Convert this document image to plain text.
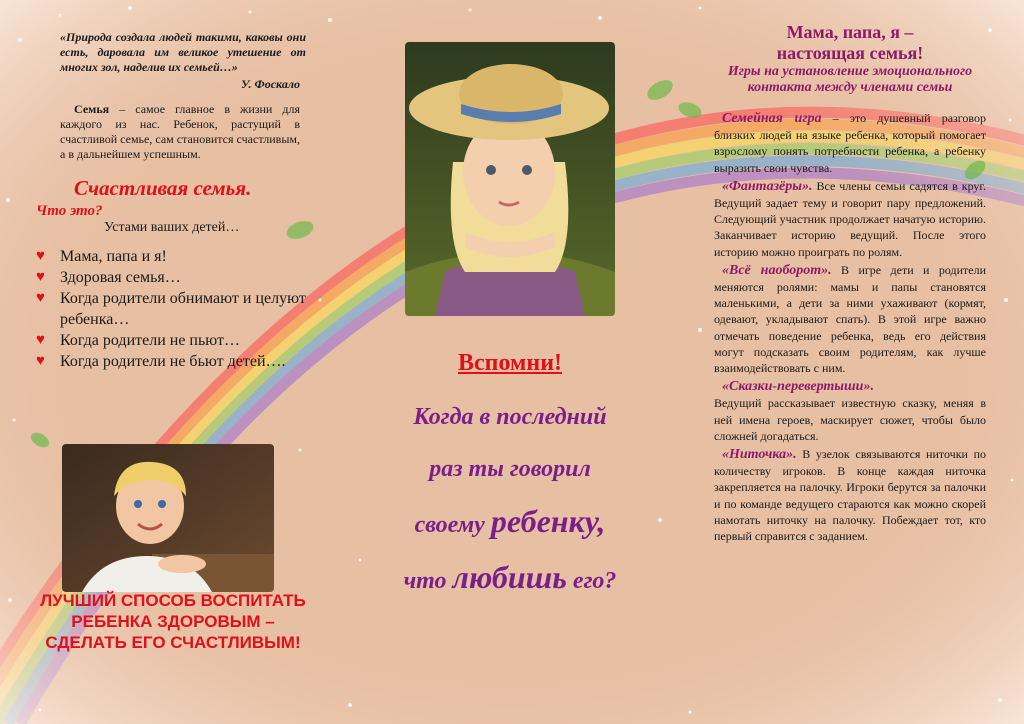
«Природа создала людей такими, каковы они есть, даровала им великое утешение от многих зол, наделив их семьей…»
У. Фоскало
Семья – самое главное в жизни для каждого из нас. Ребенок, растущий в счастливой семье, сам становится счастливым, а в дальнейшем успешным.
Счастливая семья.
Что это?
Устами ваших детей…
♥ Мама, папа и я!
♥ Здоровая семья…
♥ Когда родители обнимают и целуют ребенка…
♥ Когда родители не пьют…
♥ Когда родители не бьют детей….
ЛУЧШИЙ СПОСОБ ВОСПИТАТЬ РЕБЕНКА ЗДОРОВЫМ – СДЕЛАТЬ ЕГО СЧАСТЛИВЫМ!
Вспомни!
Когда в последний
раз ты говорил
своему ребенку,
что любишь его?
Мама, папа, я –
настоящая семья!
Игры на установление эмоционального контакта между членами семьи

Семейная игра – это душевный разговор близких людей на языке ребенка, который помогает взрослому понять потребности ребенка, а ребенку выразить свои чувства.

«Фантазёры». Все члены семьи садятся в круг. Ведущий задает тему и говорит пару предложений. Следующий участник продолжает начатую историю. Заканчивает историю ведущий. После этого историю можно проиграть по ролям.

«Всё наоборот». В игре дети и родители меняются ролями: мамы и папы становятся маленькими, а дети за ними ухаживают (кормят, одевают, укладывают спать). В этой игре важно отмечать поведение ребенка, ведь его действия могут подсказать своим родителям, как лучше взаимодействовать с ним.

«Сказки-перевертыши».

Ведущий рассказывает известную сказку, меняя в ней имена героев, маскирует сюжет, чтобы было сложней догадаться.

«Ниточка». В узелок связываются ниточки по количеству игроков. В конце каждая ниточка закрепляется на палочку. Игроки берутся за палочки и по команде ведущего стараются как можно скорей намотать ниточку на палочку. Побеждает тот, кто первый справится с заданием.
